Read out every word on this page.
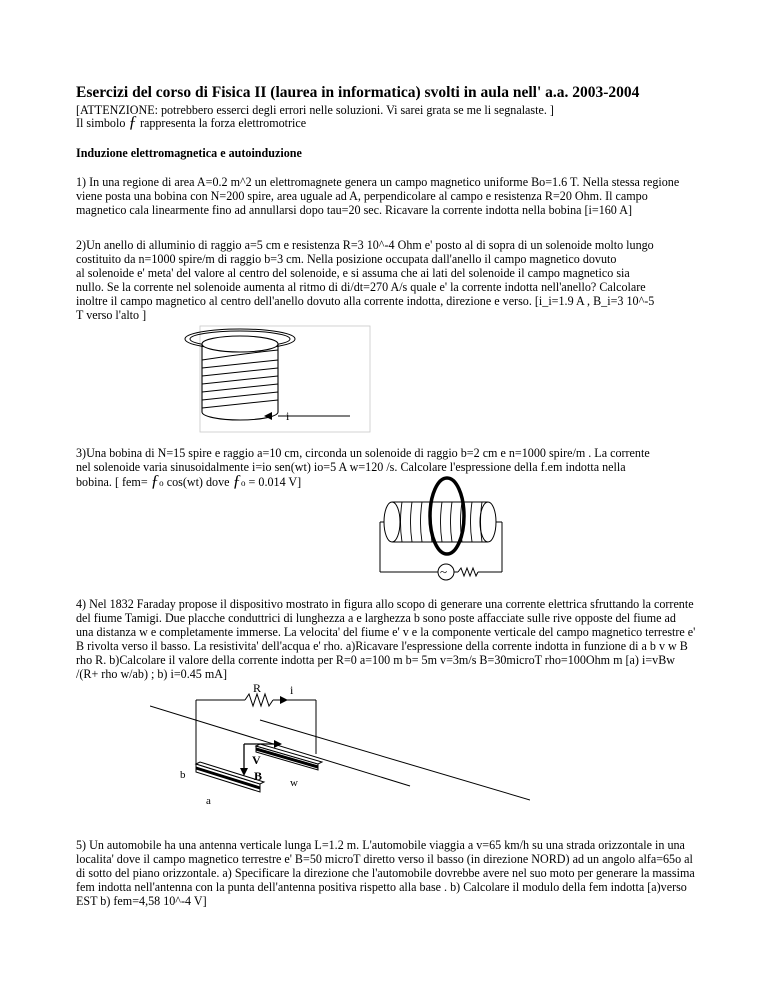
Esercizi del corso di Fisica II (laurea in informatica) svolti in aula nell' a.a. 2003-2004
[ATTENZIONE: potrebbero esserci degli errori nelle soluzioni. Vi sarei grata se me li segnalaste. ]
Il simbolo ƒ rappresenta la forza elettromotrice
Induzione elettromagnetica e autoinduzione
1) In una regione di area A=0.2 m^2 un elettromagnete genera un campo magnetico uniforme Bo=1.6 T. Nella stessa regione viene posta una bobina con N=200 spire, area uguale ad A, perpendicolare al campo e resistenza R=20 Ohm. Il campo magnetico cala linearmente fino ad annullarsi dopo tau=20 sec. Ricavare la corrente indotta nella bobina [i=160 A]
2)Un anello di alluminio di raggio a=5 cm e resistenza R=3 10^-4 Ohm e' posto al di sopra di un solenoide molto lungo
costituito da n=1000 spire/m di raggio b=3 cm. Nella posizione occupata dall'anello il campo magnetico dovuto
al solenoide e' meta' del valore al centro del solenoide, e si assuma che ai lati del solenoide il campo magnetico sia
nullo. Se la corrente nel solenoide aumenta al ritmo di di/dt=270 A/s quale e' la corrente indotta nell'anello? Calcolare
inoltre il campo magnetico al centro dell'anello dovuto alla corrente indotta, direzione e verso. [i_i=1.9 A , B_i=3 10^-5
T verso l'alto ]
i
3)Una bobina di N=15 spire e raggio a=10 cm, circonda un solenoide di raggio b=2 cm e n=1000 spire/m . La corrente
nel solenoide varia sinusoidalmente i=io sen(wt) io=5 A w=120 /s. Calcolare l'espressione della f.em indotta nella
bobina. [ fem= ƒo cos(wt) dove ƒo = 0.014 V]
~
4) Nel 1832 Faraday propose il dispositivo mostrato in figura allo scopo di generare una corrente elettrica sfruttando la corrente del fiume Tamigi. Due placche conduttrici di lunghezza a e larghezza b sono poste affacciate sulle rive opposte del fiume ad una distanza w e completamente immerse. La velocita' del fiume e' v e la componente verticale del campo magnetico terrestre e' B rivolta verso il basso. La resistivita' dell'acqua e' rho. a)Ricavare l'espressione della corrente indotta in funzione di a b v w B rho R. b)Calcolare il valore della corrente indotta per R=0 a=100 m b= 5m v=3m/s B=30microT rho=100Ohm m [a) i=vBw /(R+ rho w/ab) ; b) i=0.45 mA]
R i
V
B	w
b
a
5) Un automobile ha una antenna verticale lunga L=1.2 m. L'automobile viaggia a v=65 km/h su una strada orizzontale in una localita' dove il campo magnetico terrestre e' B=50 microT diretto verso il basso (in direzione NORD) ad un angolo alfa=65o al di sotto del piano orizzontale. a) Specificare la direzione che l'automobile dovrebbe avere nel suo moto per generare la massima fem indotta nell'antenna con la punta dell'antenna positiva rispetto alla base . b) Calcolare il modulo della fem indotta [a)verso EST b) fem=4,58 10^-4 V]
